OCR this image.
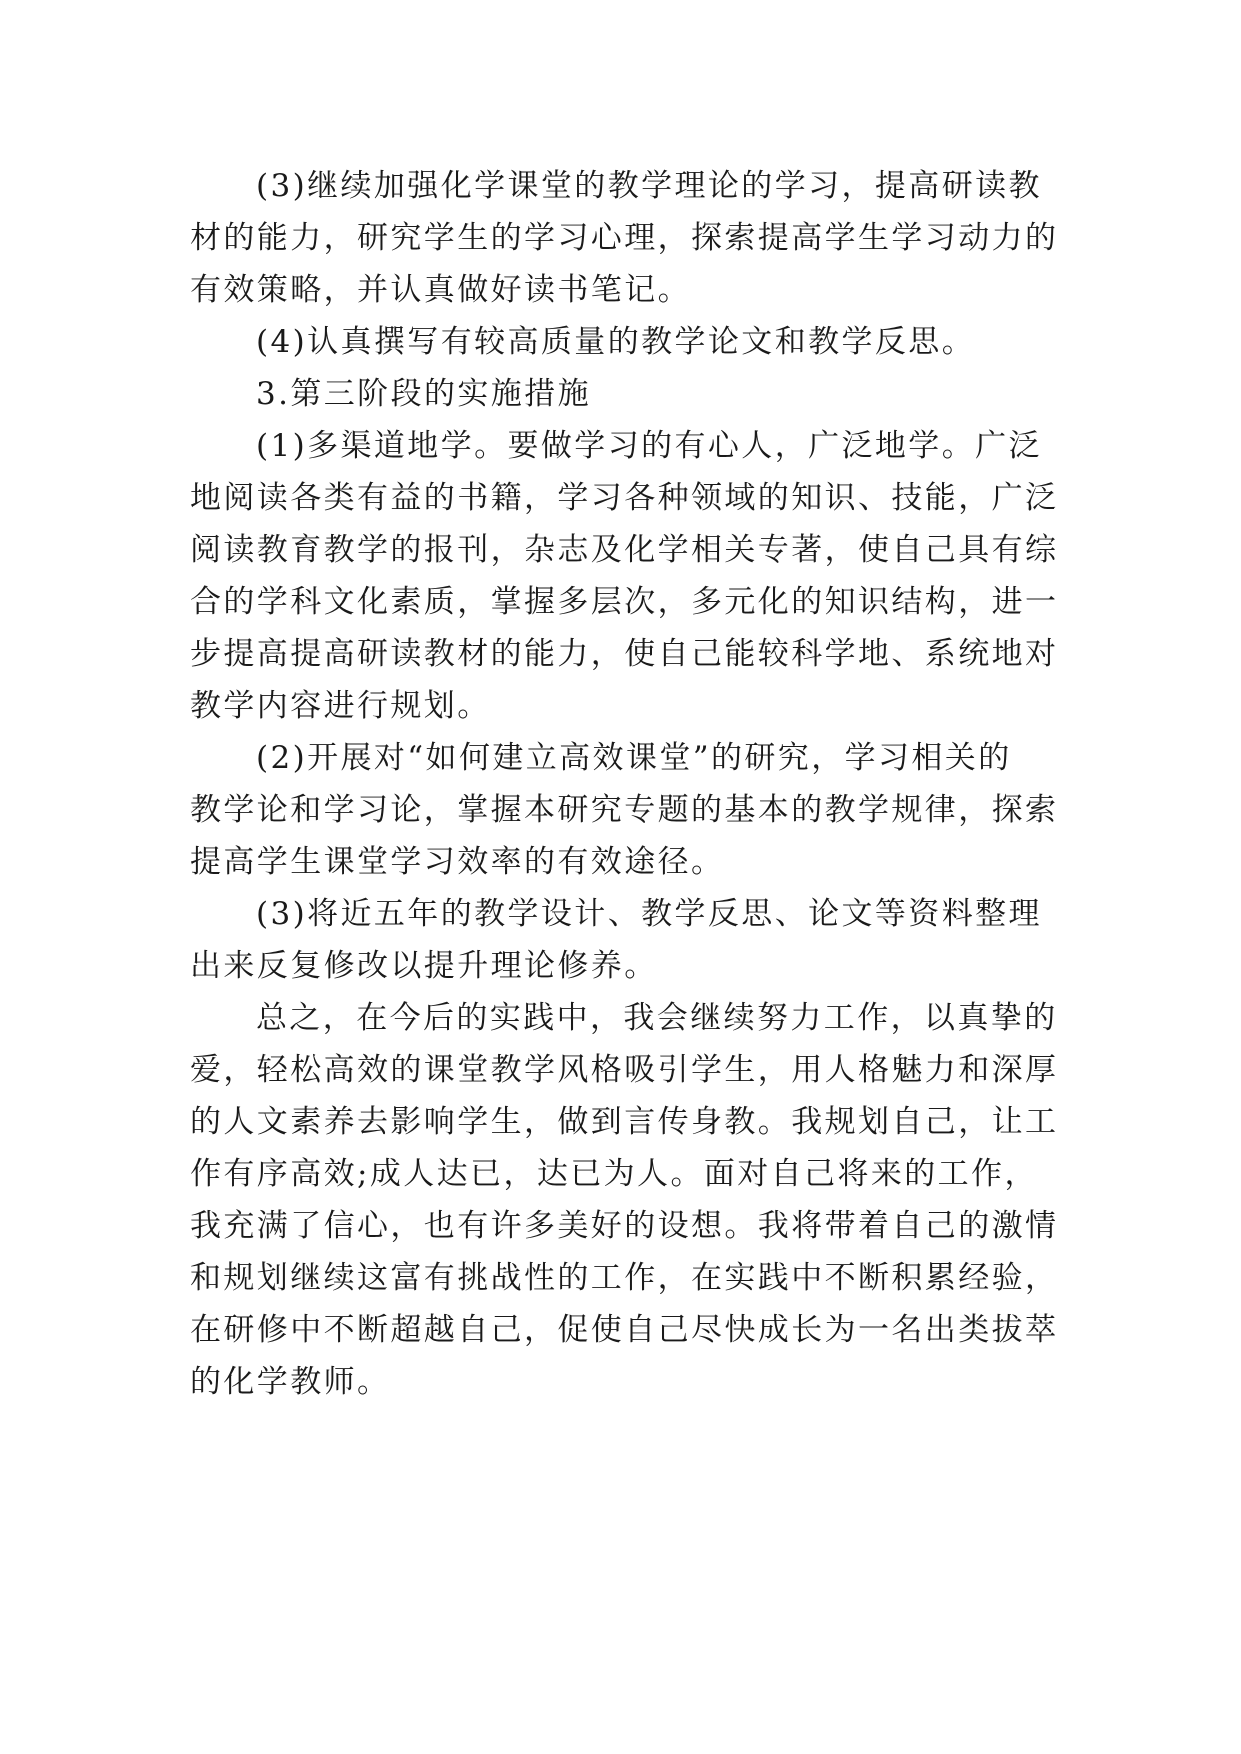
(3)继续加强化学课堂的教学理论的学习，提高研读教
材的能力，研究学生的学习心理，探索提高学生学习动力的
有效策略，并认真做好读书笔记。
(4)认真撰写有较高质量的教学论文和教学反思。
3.第三阶段的实施措施
(1)多渠道地学。要做学习的有心人，广泛地学。广泛
地阅读各类有益的书籍，学习各种领域的知识、技能，广泛
阅读教育教学的报刊，杂志及化学相关专著，使自己具有综
合的学科文化素质，掌握多层次，多元化的知识结构，进一
步提高提高研读教材的能力，使自己能较科学地、系统地对
教学内容进行规划。
(2)开展对“如何建立高效课堂”的研究，学习相关的
教学论和学习论，掌握本研究专题的基本的教学规律，探索
提高学生课堂学习效率的有效途径。
(3)将近五年的教学设计、教学反思、论文等资料整理
出来反复修改以提升理论修养。
总之，在今后的实践中，我会继续努力工作，以真挚的
爱，轻松高效的课堂教学风格吸引学生，用人格魅力和深厚
的人文素养去影响学生，做到言传身教。我规划自己，让工
作有序高效;成人达已，达已为人。面对自己将来的工作，
我充满了信心，也有许多美好的设想。我将带着自己的激情
和规划继续这富有挑战性的工作，在实践中不断积累经验，
在研修中不断超越自己，促使自己尽快成长为一名出类拔萃
的化学教师。
